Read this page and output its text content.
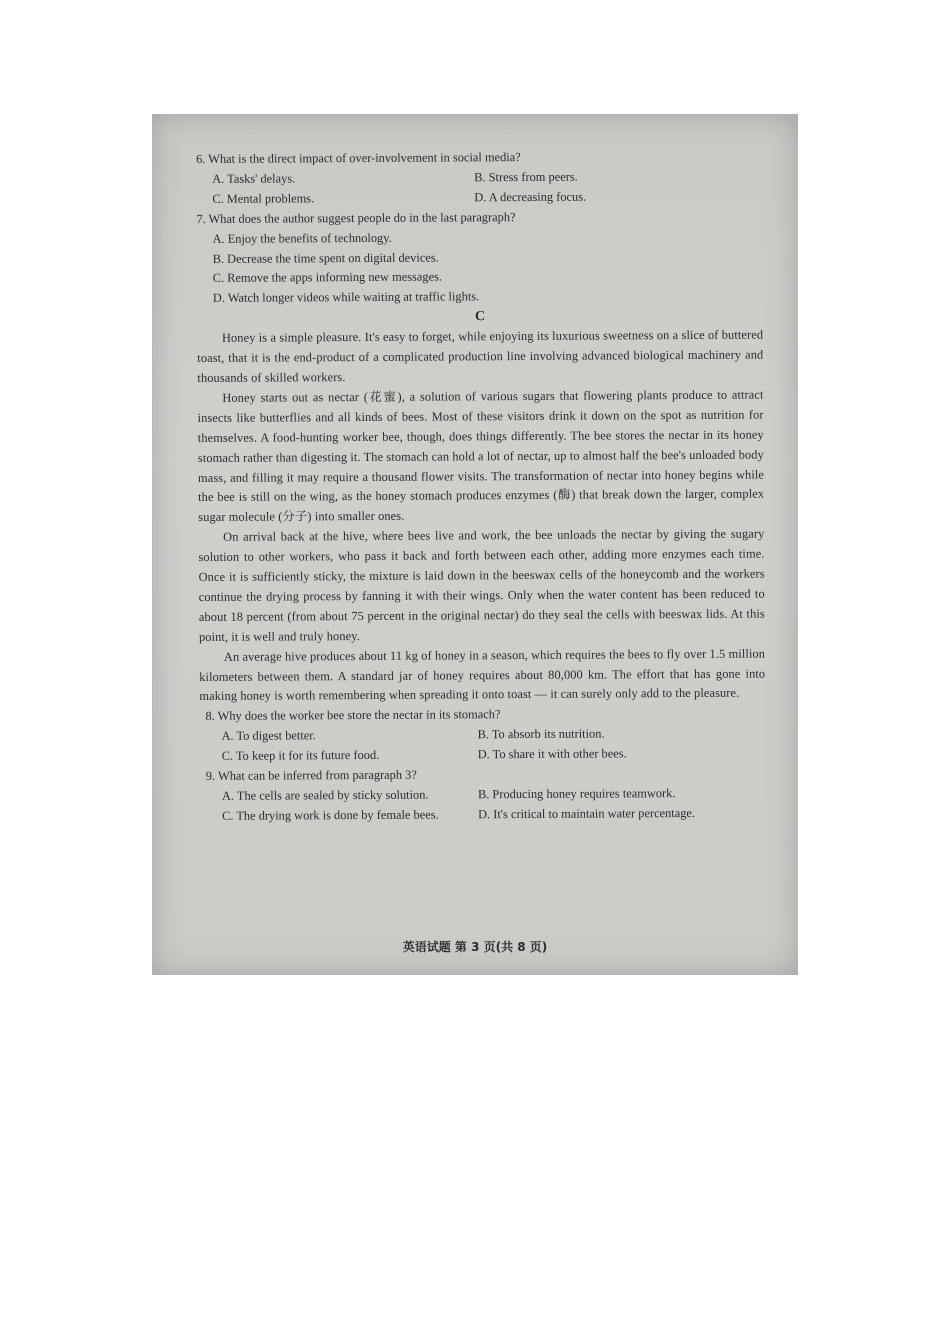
6. What is the direct impact of over-involvement in social media?

A. Tasks' delays.	B. Stress from peers.
C. Mental problems.	D. A decreasing focus.

7. What does the author suggest people do in the last paragraph?

A. Enjoy the benefits of technology.
B. Decrease the time spent on digital devices.
C. Remove the apps informing new messages.
D. Watch longer videos while waiting at traffic lights.

C

Honey is a simple pleasure. It's easy to forget, while enjoying its luxurious sweetness on a slice of buttered toast, that it is the end-product of a complicated production line involving advanced biological machinery and thousands of skilled workers.

Honey starts out as nectar (花蜜), a solution of various sugars that flowering plants produce to attract insects like butterflies and all kinds of bees. Most of these visitors drink it down on the spot as nutrition for themselves. A food-hunting worker bee, though, does things differently. The bee stores the nectar in its honey stomach rather than digesting it. The stomach can hold a lot of nectar, up to almost half the bee's unloaded body mass, and filling it may require a thousand flower visits. The transformation of nectar into honey begins while the bee is still on the wing, as the honey stomach produces enzymes (酶) that break down the larger, complex sugar molecule (分子) into smaller ones.

On arrival back at the hive, where bees live and work, the bee unloads the nectar by giving the sugary solution to other workers, who pass it back and forth between each other, adding more enzymes each time. Once it is sufficiently sticky, the mixture is laid down in the beeswax cells of the honeycomb and the workers continue the drying process by fanning it with their wings. Only when the water content has been reduced to about 18 percent (from about 75 percent in the original nectar) do they seal the cells with beeswax lids. At this point, it is well and truly honey.

An average hive produces about 11 kg of honey in a season, which requires the bees to fly over 1.5 million kilometers between them. A standard jar of honey requires about 80,000 km. The effort that has gone into making honey is worth remembering when spreading it onto toast — it can surely only add to the pleasure.

8. Why does the worker bee store the nectar in its stomach?

A. To digest better.	B. To absorb its nutrition.
C. To keep it for its future food.	D. To share it with other bees.

9. What can be inferred from paragraph 3?

A. The cells are sealed by sticky solution.	B. Producing honey requires teamwork.
C. The drying work is done by female bees.	D. It's critical to maintain water percentage.
英语试题 第 3 页(共 8 页)
